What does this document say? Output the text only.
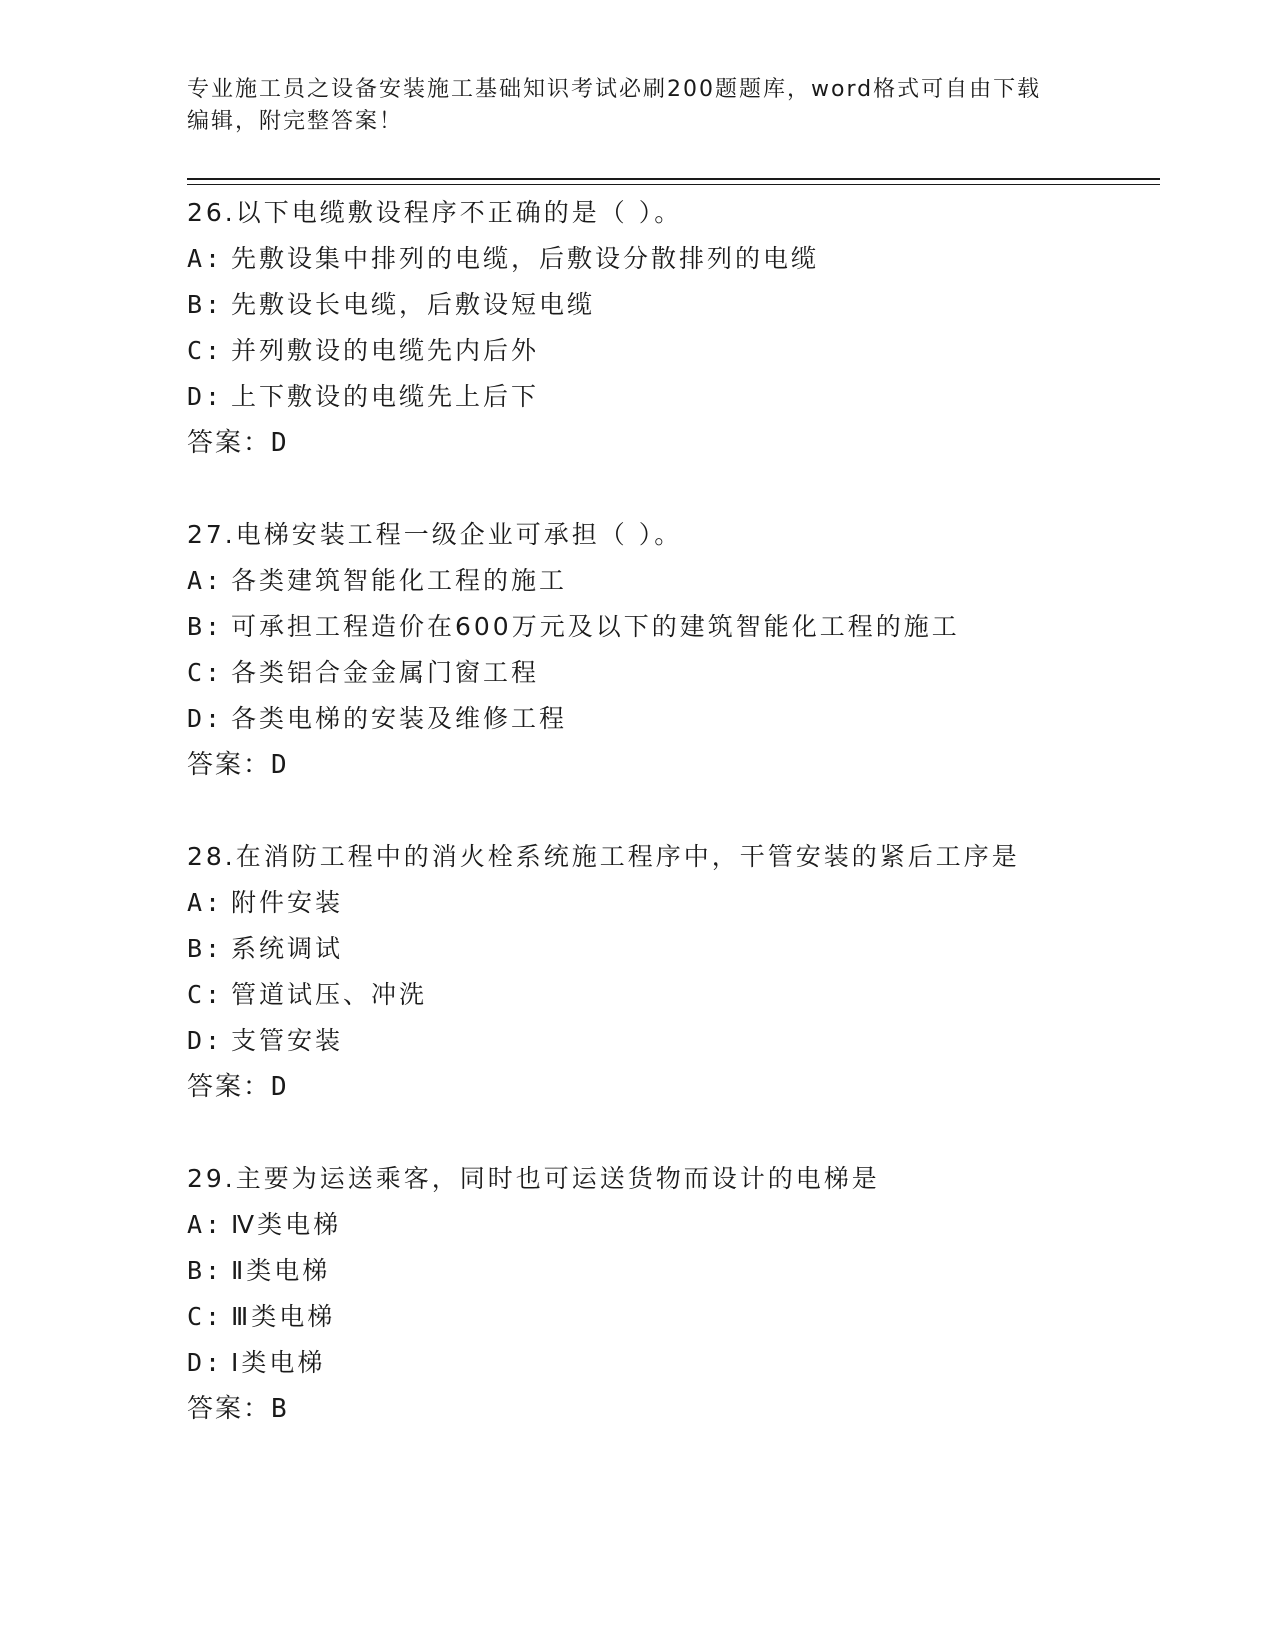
专业施工员之设备安装施工基础知识考试必刷200题题库，word格式可自由下载
编辑，附完整答案！
26.以下电缆敷设程序不正确的是（ ）。
A: 先敷设集中排列的电缆，后敷设分散排列的电缆
B: 先敷设长电缆，后敷设短电缆
C: 并列敷设的电缆先内后外
D: 上下敷设的电缆先上后下
答案：D
27.电梯安装工程一级企业可承担（ ）。
A: 各类建筑智能化工程的施工
B: 可承担工程造价在600万元及以下的建筑智能化工程的施工
C: 各类铝合金金属门窗工程
D: 各类电梯的安装及维修工程
答案：D
28.在消防工程中的消火栓系统施工程序中，干管安装的紧后工序是
A: 附件安装
B: 系统调试
C: 管道试压、冲洗
D: 支管安装
答案：D
29.主要为运送乘客，同时也可运送货物而设计的电梯是
A: Ⅳ类电梯
B: Ⅱ类电梯
C: Ⅲ类电梯
D: Ⅰ类电梯
答案：B
